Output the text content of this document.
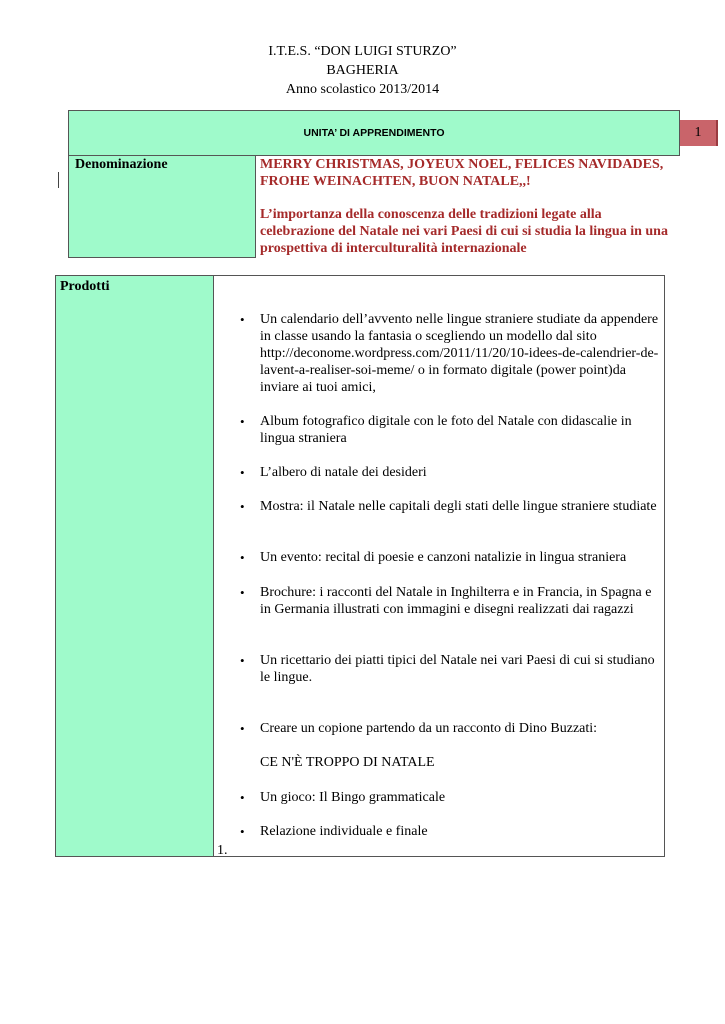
I.T.E.S. “DON LUIGI STURZO”
BAGHERIA
Anno scolastico 2013/2014
1
UNITA’ DI APPRENDIMENTO
Denominazione	MERRY CHRISTMAS, JOYEUX NOEL, FELICES NAVIDADES, FROHE WEINACHTEN, BUON NATALE,,!

L’importanza della conoscenza delle tradizioni legate alla celebrazione del Natale nei vari Paesi di cui si studia la lingua in una prospettiva di interculturalità internazionale

Prodotti
• Un calendario dell’avvento nelle lingue straniere studiate da appendere in classe usando la fantasia o scegliendo un modello dal sito http://deconome.wordpress.com/2011/11/20/10-idees-de-calendrier-de-lavent-a-realiser-soi-meme/ o in formato digitale (power point)da inviare ai tuoi amici,
• Album fotografico digitale con le foto del Natale con didascalie in lingua straniera
• L’albero di natale dei desideri
• Mostra: il Natale nelle capitali degli stati delle lingue straniere studiate
• Un evento: recital di poesie e canzoni natalizie in lingua straniera
• Brochure: i racconti del Natale in Inghilterra e in Francia, in Spagna e in Germania illustrati con immagini e disegni realizzati dai ragazzi
• Un ricettario dei piatti tipici del Natale nei vari Paesi di cui si studiano le lingue.
• Creare un copione partendo da un racconto di Dino Buzzati:
• Un gioco: Il Bingo grammaticale
• Relazione individuale e finale
CE N'È TROPPO DI NATALE
1.
